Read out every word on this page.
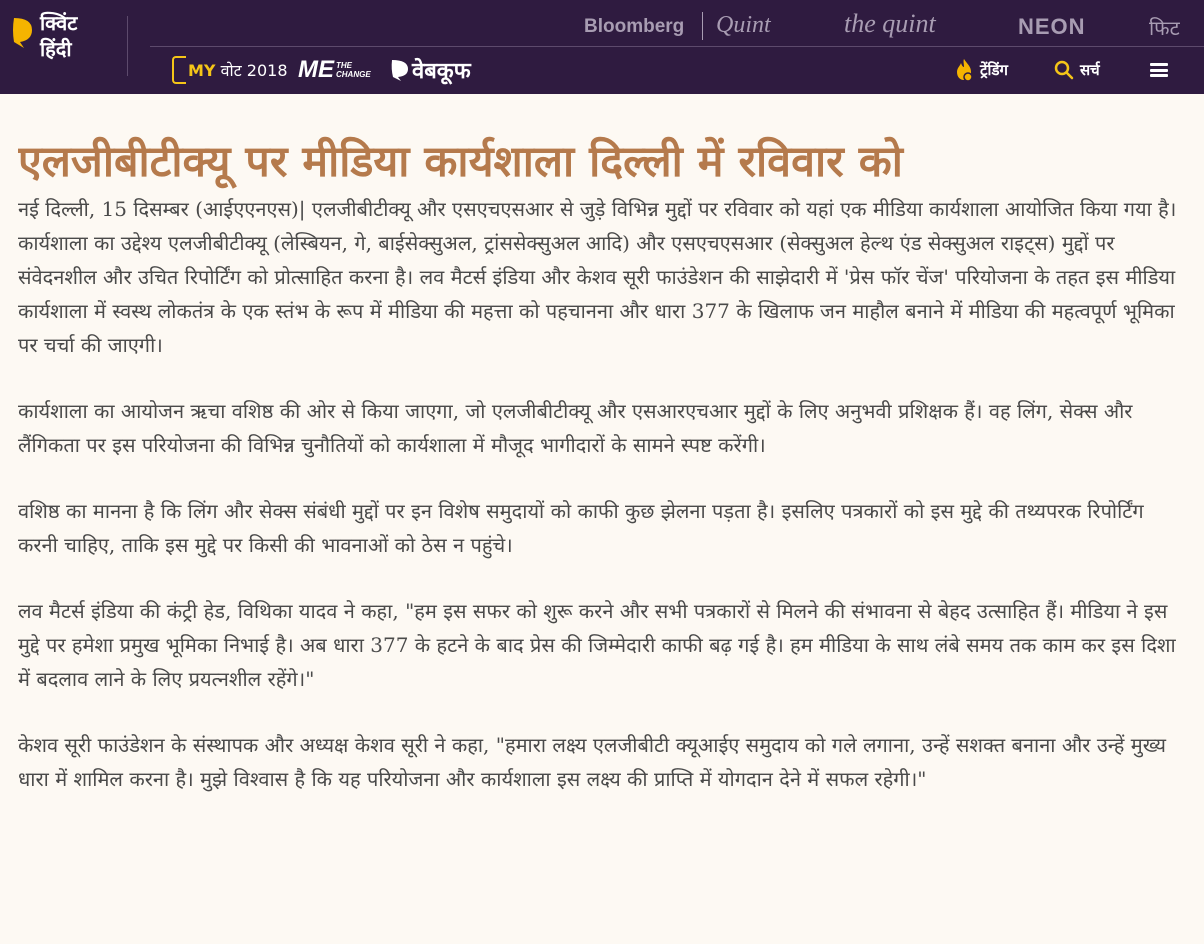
क्विंट
हिंदी
Bloomberg Quint	the quint	NEON	फिट
MY वोट 2018 ME THE
CHANGE वेबकूफ	ट्रेंडिंग	सर्च
एलजीबीटीक्यू पर मीडिया कार्यशाला दिल्ली में रविवार को

नई दिल्ली, 15 दिसम्बर (आईएएनएस)| एलजीबीटीक्यू और एसएचएसआर से जुड़े विभिन्न मुद्दों पर रविवार को यहां एक मीडिया कार्यशाला आयोजित किया गया है। कार्यशाला का उद्देश्य एलजीबीटीक्यू (लेस्बियन, गे, बाईसेक्सुअल, ट्रांससेक्सुअल आदि) और एसएचएसआर (सेक्सुअल हेल्थ एंड सेक्सुअल राइट्स) मुद्दों पर संवेदनशील और उचित रिपोर्टिंग को प्रोत्साहित करना है। लव मैटर्स इंडिया और केशव सूरी फाउंडेशन की साझेदारी में 'प्रेस फॉर चेंज' परियोजना के तहत इस मीडिया कार्यशाला में स्वस्थ लोकतंत्र के एक स्तंभ के रूप में मीडिया की महत्ता को पहचानना और धारा 377 के खिलाफ जन माहौल बनाने में मीडिया की महत्वपूर्ण भूमिका पर चर्चा की जाएगी।

कार्यशाला का आयोजन ऋचा वशिष्ठ की ओर से किया जाएगा, जो एलजीबीटीक्यू और एसआरएचआर मुद्दों के लिए अनुभवी प्रशिक्षक हैं। वह लिंग, सेक्स और लैंगिकता पर इस परियोजना की विभिन्न चुनौतियों को कार्यशाला में मौजूद भागीदारों के सामने स्पष्ट करेंगी।

वशिष्ठ का मानना है कि लिंग और सेक्स संबंधी मुद्दों पर इन विशेष समुदायों को काफी कुछ झेलना पड़ता है। इसलिए पत्रकारों को इस मुद्दे की तथ्यपरक रिपोर्टिंग करनी चाहिए, ताकि इस मुद्दे पर किसी की भावनाओं को ठेस न पहुंचे।

लव मैटर्स इंडिया की कंट्री हेड, विथिका यादव ने कहा, "हम इस सफर को शुरू करने और सभी पत्रकारों से मिलने की संभावना से बेहद उत्साहित हैं। मीडिया ने इस मुद्दे पर हमेशा प्रमुख भूमिका निभाई है। अब धारा 377 के हटने के बाद प्रेस की जिम्मेदारी काफी बढ़ गई है। हम मीडिया के साथ लंबे समय तक काम कर इस दिशा में बदलाव लाने के लिए प्रयत्नशील रहेंगे।"

केशव सूरी फाउंडेशन के संस्थापक और अध्यक्ष केशव सूरी ने कहा, "हमारा लक्ष्य एलजीबीटी क्यूआईए समुदाय को गले लगाना, उन्हें सशक्त बनाना और उन्हें मुख्य धारा में शामिल करना है। मुझे विश्वास है कि यह परियोजना और कार्यशाला इस लक्ष्य की प्राप्ति में योगदान देने में सफल रहेगी।"
